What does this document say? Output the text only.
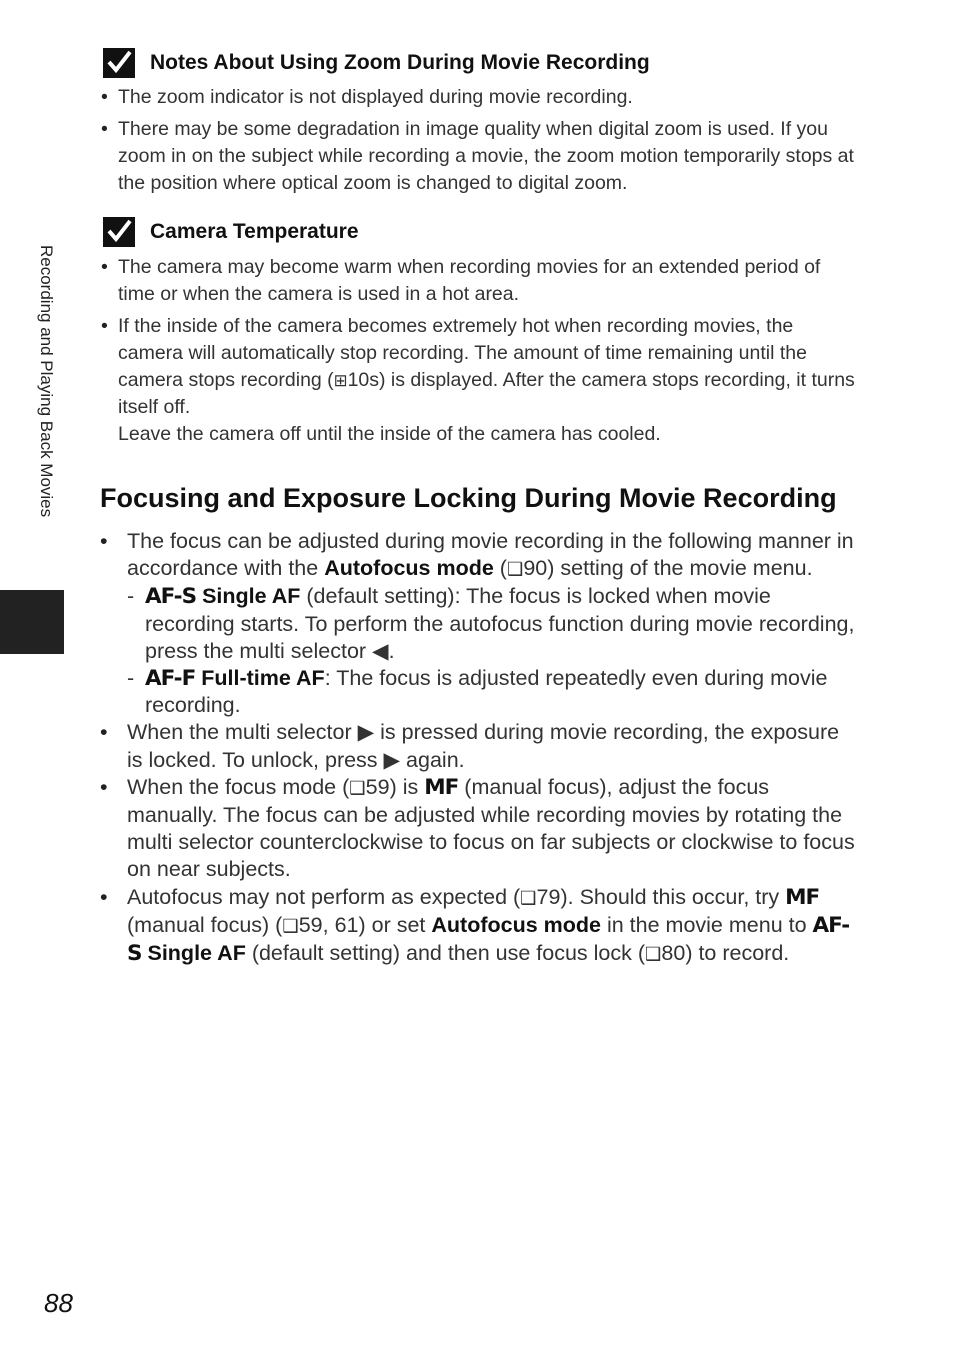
Recording and Playing Back Movies
Notes About Using Zoom During Movie Recording
• The zoom indicator is not displayed during movie recording.
• There may be some degradation in image quality when digital zoom is used. If you zoom in on the subject while recording a movie, the zoom motion temporarily stops at the position where optical zoom is changed to digital zoom.
Camera Temperature
• The camera may become warm when recording movies for an extended period of time or when the camera is used in a hot area.
• If the inside of the camera becomes extremely hot when recording movies, the camera will automatically stop recording. The amount of time remaining until the camera stops recording (⊞10s) is displayed. After the camera stops recording, it turns itself off.
Leave the camera off until the inside of the camera has cooled.
Focusing and Exposure Locking During Movie Recording
• The focus can be adjusted during movie recording in the following manner in accordance with the Autofocus mode (❑90) setting of the movie menu.
- AF-S Single AF (default setting): The focus is locked when movie recording starts. To perform the autofocus function during movie recording, press the multi selector ◀.
- AF-F Full-time AF: The focus is adjusted repeatedly even during movie recording.
• When the multi selector ▶ is pressed during movie recording, the exposure is locked. To unlock, press ▶ again.
• When the focus mode (❑59) is MF (manual focus), adjust the focus manually. The focus can be adjusted while recording movies by rotating the multi selector counterclockwise to focus on far subjects or clockwise to focus on near subjects.
• Autofocus may not perform as expected (❑79). Should this occur, try MF (manual focus) (❑59, 61) or set Autofocus mode in the movie menu to AF-S Single AF (default setting) and then use focus lock (❑80) to record.
88
